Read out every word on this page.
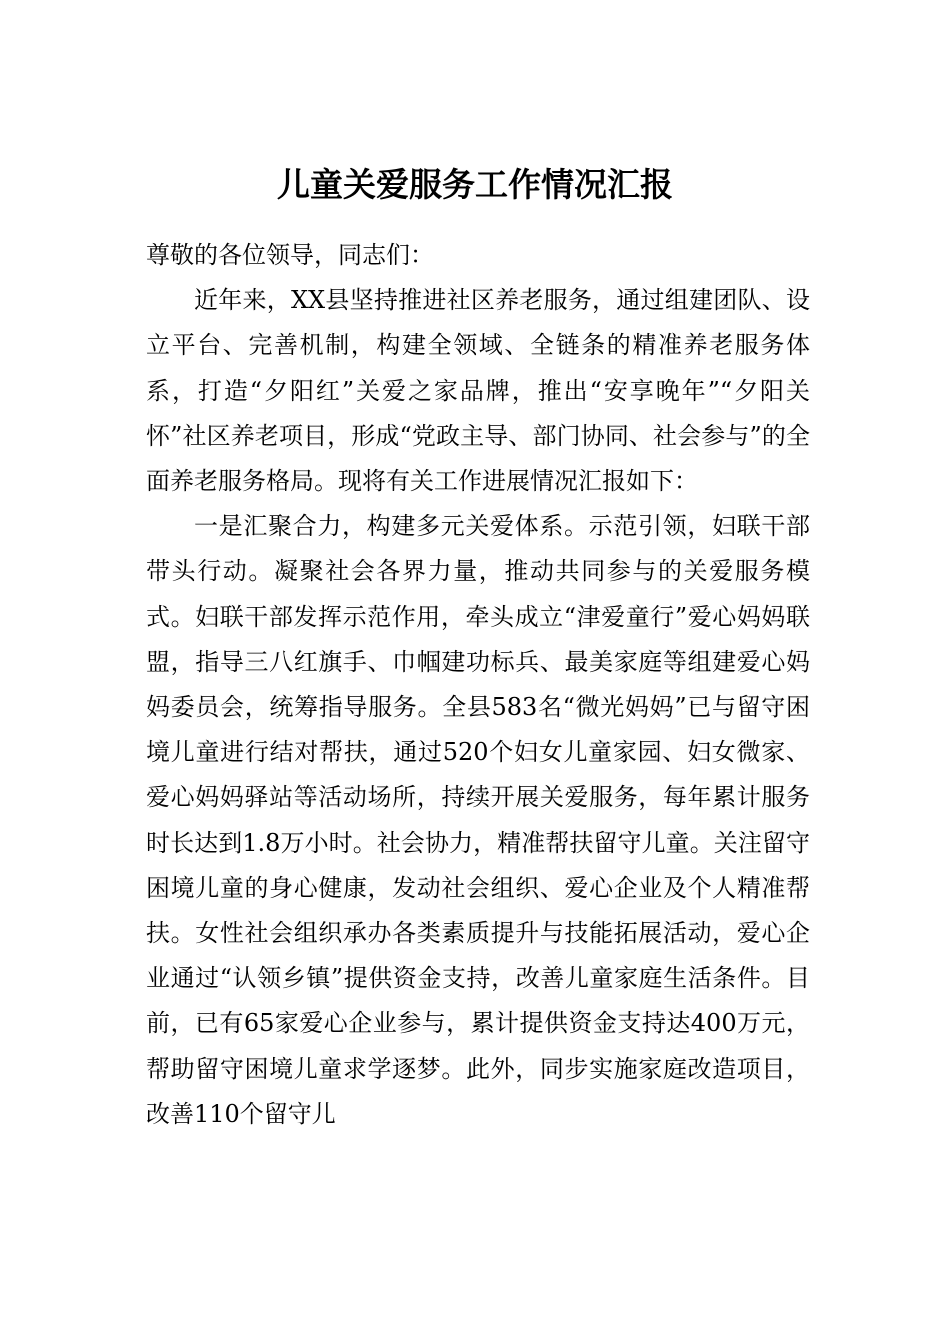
儿童关爱服务工作情况汇报

尊敬的各位领导，同志们：

近年来，XX县坚持推进社区养老服务，通过组建团队、设立平台、完善机制，构建全领域、全链条的精准养老服务体系，打造“夕阳红”关爱之家品牌，推出“安享晚年”“夕阳关怀”社区养老项目，形成“党政主导、部门协同、社会参与”的全面养老服务格局。现将有关工作进展情况汇报如下：

一是汇聚合力，构建多元关爱体系。示范引领，妇联干部带头行动。凝聚社会各界力量，推动共同参与的关爱服务模式。妇联干部发挥示范作用，牵头成立“津爱童行”爱心妈妈联盟，指导三八红旗手、巾帼建功标兵、最美家庭等组建爱心妈妈委员会，统筹指导服务。全县583名“微光妈妈”已与留守困境儿童进行结对帮扶，通过520个妇女儿童家园、妇女微家、爱心妈妈驿站等活动场所，持续开展关爱服务，每年累计服务时长达到1.8万小时。社会协力，精准帮扶留守儿童。关注留守困境儿童的身心健康，发动社会组织、爱心企业及个人精准帮扶。女性社会组织承办各类素质提升与技能拓展活动，爱心企业通过“认领乡镇”提供资金支持，改善儿童家庭生活条件。目前，已有65家爱心企业参与，累计提供资金支持达400万元，帮助留守困境儿童求学逐梦。此外，同步实施家庭改造项目，改善110个留守儿
